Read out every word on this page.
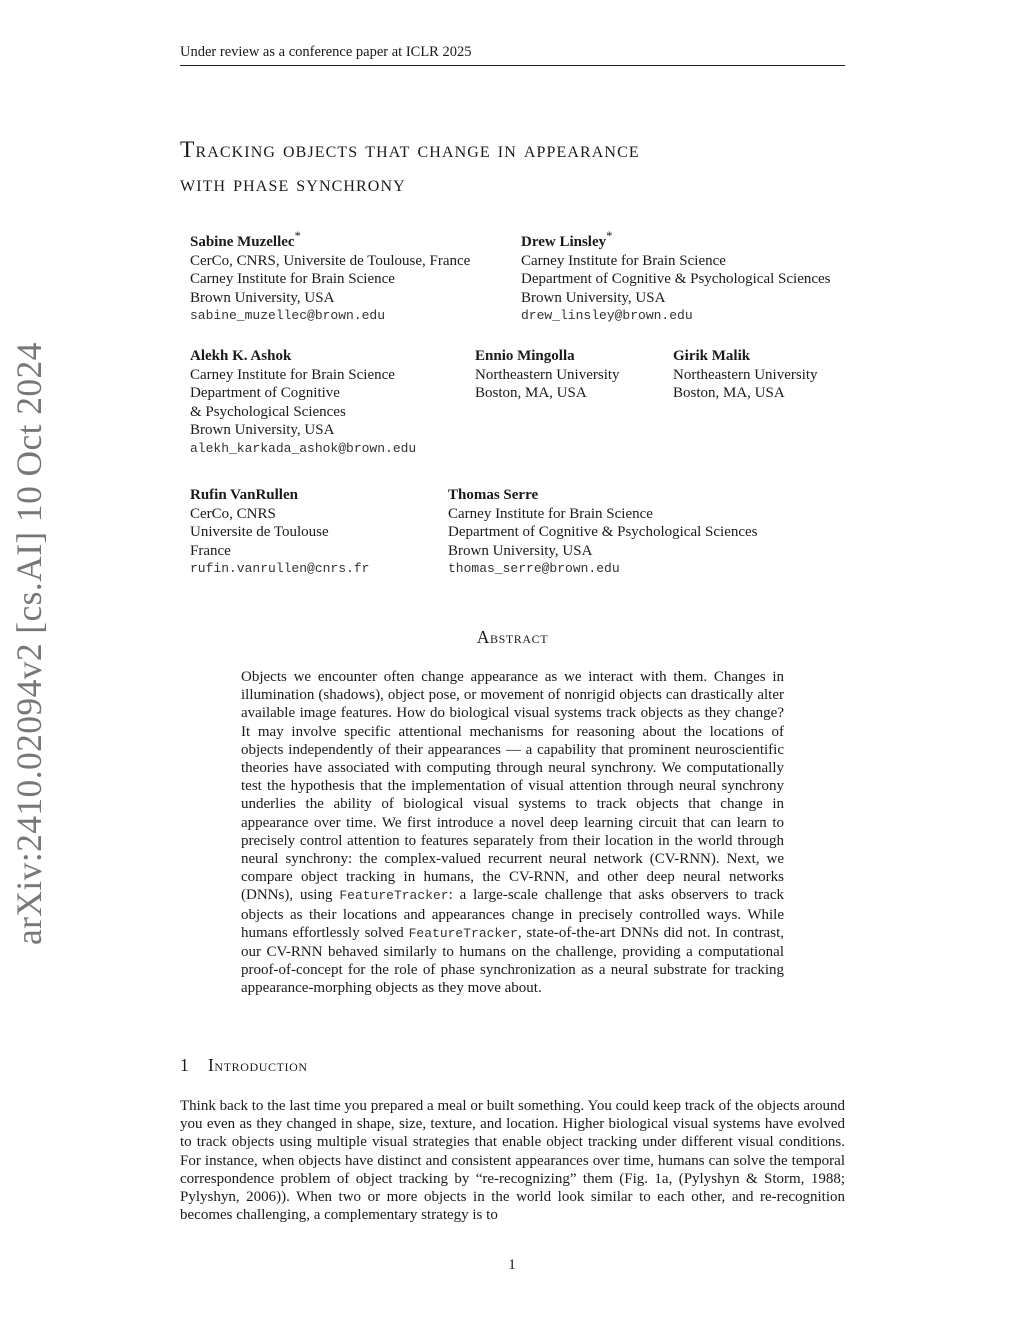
Under review as a conference paper at ICLR 2025
Tracking objects that change in appearance
with phase synchrony
Sabine Muzellec*
CerCo, CNRS, Universite de Toulouse, France
Carney Institute for Brain Science
Brown University, USA
sabine_muzellec@brown.edu
Drew Linsley*
Carney Institute for Brain Science
Department of Cognitive & Psychological Sciences
Brown University, USA
drew_linsley@brown.edu
Alekh K. Ashok
Carney Institute for Brain Science
Department of Cognitive
& Psychological Sciences
Brown University, USA
alekh_karkada_ashok@brown.edu
Ennio Mingolla
Northeastern University
Boston, MA, USA
Girik Malik
Northeastern University
Boston, MA, USA
Rufin VanRullen
CerCo, CNRS
Universite de Toulouse
France
rufin.vanrullen@cnrs.fr
Thomas Serre
Carney Institute for Brain Science
Department of Cognitive & Psychological Sciences
Brown University, USA
thomas_serre@brown.edu
arXiv:2410.02094v2 [cs.AI] 10 Oct 2024	Abstract
Objects we encounter often change appearance as we interact with them. Changes in illumination (shadows), object pose, or movement of nonrigid objects can drastically alter available image features. How do biological visual systems track objects as they change? It may involve specific attentional mechanisms for reasoning about the locations of objects independently of their appearances — a capability that prominent neuroscientific theories have associated with computing through neural synchrony. We computationally test the hypothesis that the implementation of visual attention through neural synchrony underlies the ability of biological visual systems to track objects that change in appearance over time. We first introduce a novel deep learning circuit that can learn to precisely control attention to features separately from their location in the world through neural synchrony: the complex-valued recurrent neural network (CV-RNN). Next, we compare object tracking in humans, the CV-RNN, and other deep neural networks (DNNs), using FeatureTracker: a large-scale challenge that asks observers to track objects as their locations and appearances change in precisely controlled ways. While humans effortlessly solved FeatureTracker, state-of-the-art DNNs did not. In contrast, our CV-RNN behaved similarly to humans on the challenge, providing a computational proof-of-concept for the role of phase synchronization as a neural substrate for tracking appearance-morphing objects as they move about.
1 Introduction
Think back to the last time you prepared a meal or built something. You could keep track of the objects around you even as they changed in shape, size, texture, and location. Higher biological visual systems have evolved to track objects using multiple visual strategies that enable object tracking under different visual conditions. For instance, when objects have distinct and consistent appearances over time, humans can solve the temporal correspondence problem of object tracking by “re-recognizing” them (Fig. 1a, (Pylyshyn & Storm, 1988; Pylyshyn, 2006)). When two or more objects in the world look similar to each other, and re-recognition becomes challenging, a complementary strategy is to
1
